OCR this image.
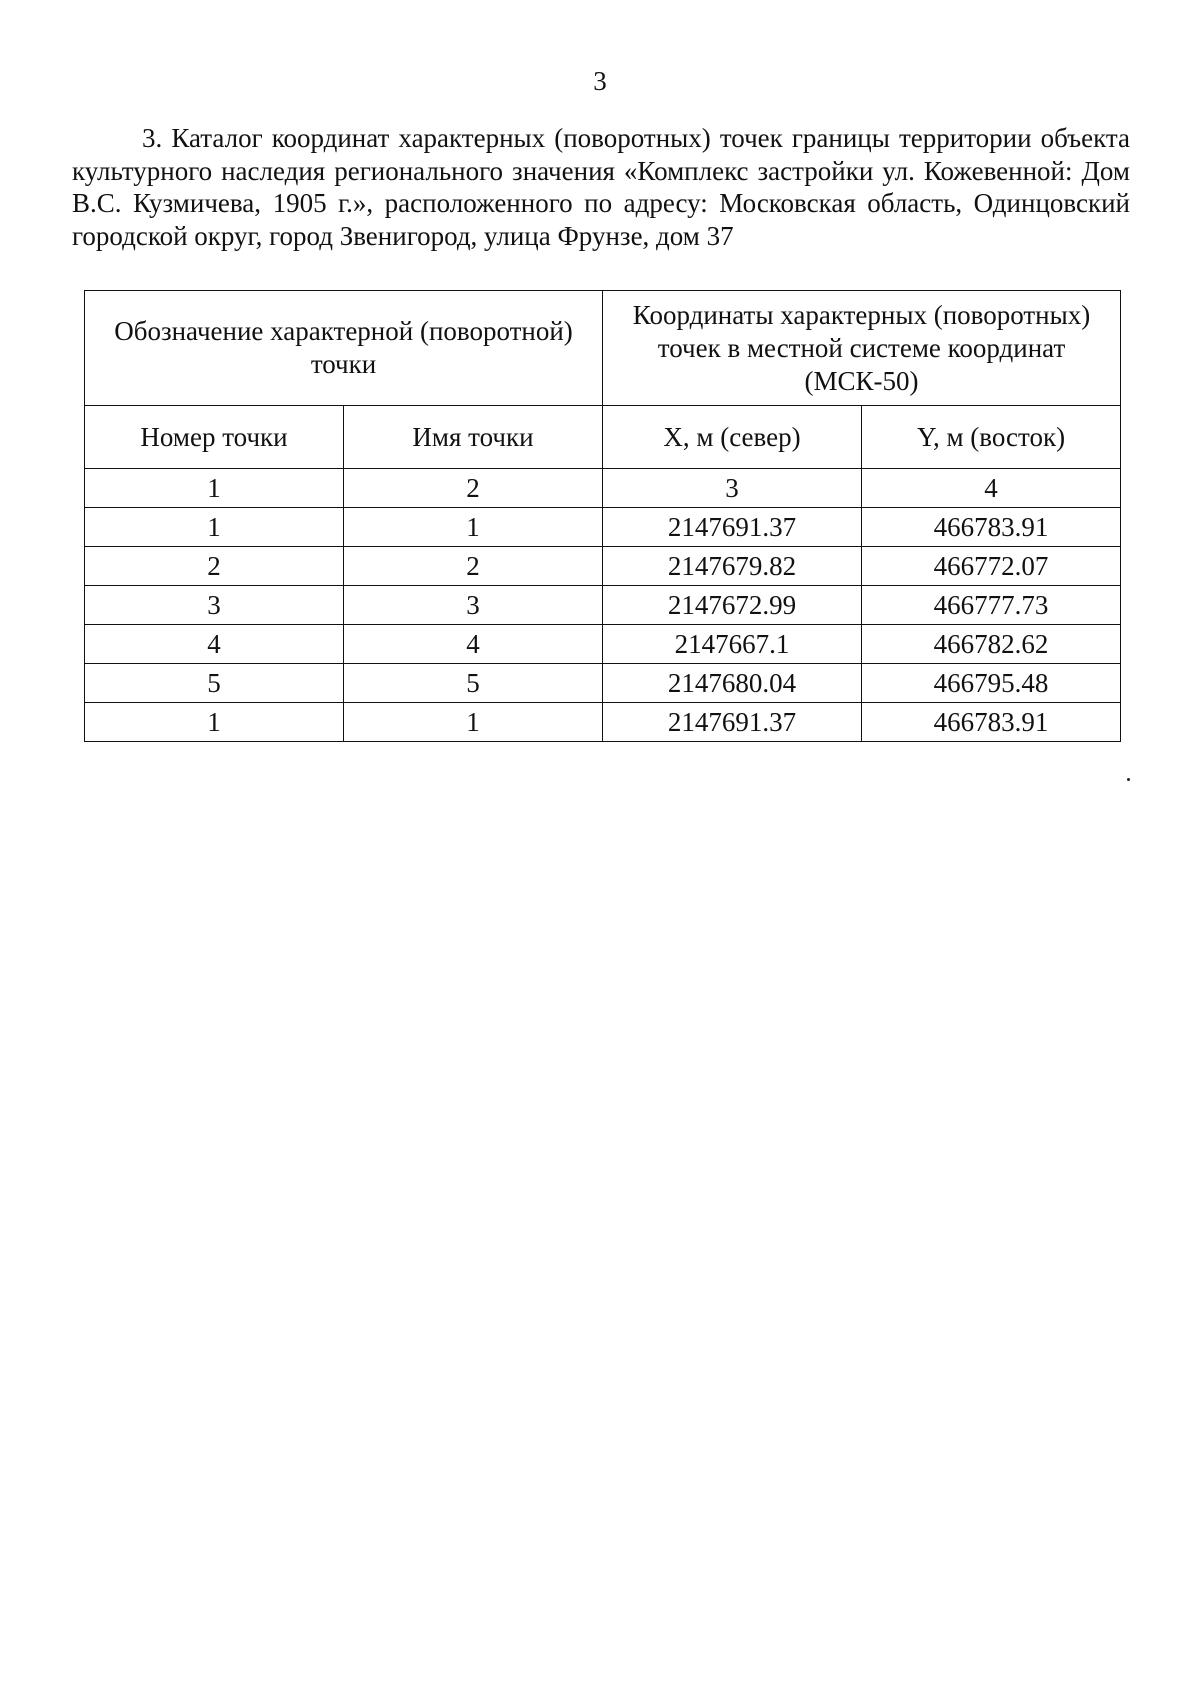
3

3. Каталог координат характерных (поворотных) точек границы территории объекта культурного наследия регионального значения «Комплекс застройки ул. Кожевенной: Дом В.С. Кузмичева, 1905 г.», расположенного по адресу: Московская область, Одинцовский городской округ, город Звенигород, улица Фрунзе, дом 37

Обозначение характерной (поворотной) точки		Координаты характерных (поворотных) точек в местной системе координат (МСК-50)	
Номер точки	Имя точки	X, м (север)	Y, м (восток)
1	2	3	4
1	1	2147691.37	466783.91
2	2	2147679.82	466772.07
3	3	2147672.99	466777.73
4	4	2147667.1	466782.62
5	5	2147680.04	466795.48
1	1	2147691.37	466783.91
